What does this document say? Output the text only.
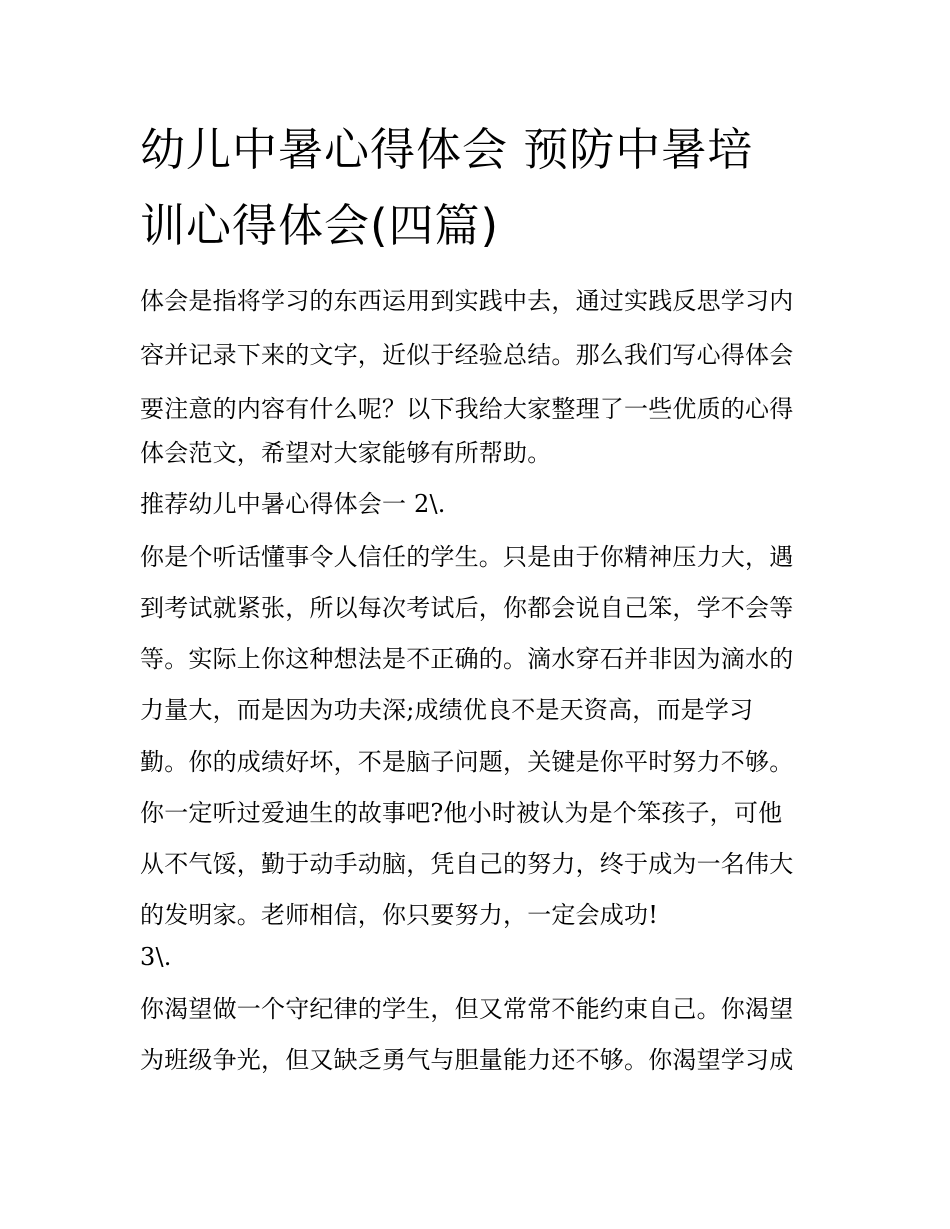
幼儿中暑心得体会 预防中暑培
训心得体会(四篇)

体会是指将学习的东西运用到实践中去，通过实践反思学习内

容并记录下来的文字，近似于经验总结。那么我们写心得体会

要注意的内容有什么呢？以下我给大家整理了一些优质的心得

体会范文，希望对大家能够有所帮助。

推荐幼儿中暑心得体会一 2\.

你是个听话懂事令人信任的学生。只是由于你精神压力大，遇

到考试就紧张，所以每次考试后，你都会说自己笨，学不会等

等。实际上你这种想法是不正确的。滴水穿石并非因为滴水的

力量大，而是因为功夫深;成绩优良不是天资高，而是学习

勤。你的成绩好坏，不是脑子问题，关键是你平时努力不够。

你一定听过爱迪生的故事吧?他小时被认为是个笨孩子，可他

从不气馁，勤于动手动脑，凭自己的努力，终于成为一名伟大

的发明家。老师相信，你只要努力，一定会成功!

3\.

你渴望做一个守纪律的学生，但又常常不能约束自己。你渴望

为班级争光，但又缺乏勇气与胆量能力还不够。你渴望学习成
